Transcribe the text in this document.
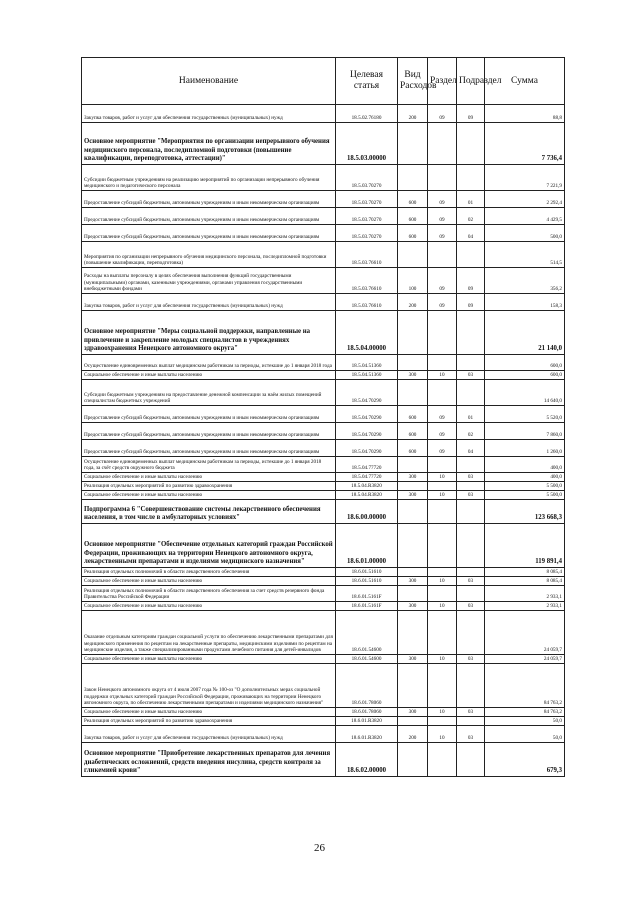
Наименование	Целевая статья	Вид Расходов	Раздел	Подраздел	Сумма
Закупка товаров, работ и услуг для обеспечения государственных (муниципальных) нужд	18.5.02.76180	200	09	09	88,8
Основное мероприятие "Мероприятия по организации непрерывного обучения медицинского персонала, последипломной подготовки (повышение квалификации, переподготовка, аттестации)"	18.5.03.00000				7 736,4
Субсидии бюджетным учреждениям на реализацию мероприятий по организации непрерывного обучения медицинского и педагогического персонала	18.5.03.70270				7 221,9
Предоставление субсидий бюджетным, автономным учреждениям и иным некоммерческим организациям	18.5.03.70270	600	09	01	2 292,4
Предоставление субсидий бюджетным, автономным учреждениям и иным некоммерческим организациям	18.5.03.70270	600	09	02	4 429,5
Предоставление субсидий бюджетным, автономным учреждениям и иным некоммерческим организациям	18.5.03.70270	600	09	04	500,0
Мероприятия по организации непрерывного обучения медицинского персонала, последипломной подготовки (повышение квалификации, переподготовка)	18.5.03.76610				514,5
Расходы на выплаты персоналу в целях обеспечения выполнения функций государственными (муниципальными) органами, казенными учреждениями, органами управления государственными внебюджетными фондами	18.5.03.76610	100	09	09	356,2
Закупка товаров, работ и услуг для обеспечения государственных (муниципальных) нужд	18.5.03.76610	200	09	09	158,3
Основное мероприятие "Меры социальной поддержки, направленные на привлечение и закрепление молодых специалистов в учреждениях здравоохранения Ненецкого автономного округа"	18.5.04.00000				21 140,0
Осуществление единовременных выплат медицинским работникам за периоды, истекшие до 1 января 2018 года	18.5.04.51360				600,0
Социальное обеспечение и иные выплаты населению	18.5.04.51360	300	10	03	600,0
Субсидии бюджетным учреждениям на предоставление денежной компенсации за наём жилых помещений специалистам бюджетных учреждений	18.5.04.70290				14 640,0
Предоставление субсидий бюджетным, автономным учреждениям и иным некоммерческим организациям	18.5.04.70290	600	09	01	5 520,0
Предоставление субсидий бюджетным, автономным учреждениям и иным некоммерческим организациям	18.5.04.70290	600	09	02	7 860,0
Предоставление субсидий бюджетным, автономным учреждениям и иным некоммерческим организациям	18.5.04.70290	600	09	04	1 260,0
Осуществление единовременных выплат медицинским работникам за периоды, истекшие до 1 января 2018 года, за счёт средств окружного бюджета	18.5.04.77720				400,0
Социальное обеспечение и иные выплаты населению	18.5.04.77720	300	10	03	400,0
Реализация отдельных мероприятий по развитию здравоохранения	18.5.04.R3820				5 500,0
Социальное обеспечение и иные выплаты населению	18.5.04.R3820	300	10	03	5 500,0
Подпрограмма 6 "Совершенствование системы лекарственного обеспечения населения, в том числе в амбулаторных условиях"	18.6.00.00000				123 668,3
Основное мероприятие "Обеспечение отдельных категорий граждан Российской Федерации, проживающих на территории Ненецкого автономного округа, лекарственными препаратами и изделиями медицинского назначения"	18.6.01.00000				119 891,4
Реализация отдельных полномочий в области лекарственного обеспечения	18.6.01.51610				8 085,4
Социальное обеспечение и иные выплаты населению	18.6.01.51610	300	10	03	8 085,4
Реализация отдельных полномочий в области лекарственного обеспечения за счет средств резервного фонда Правительства Российской Федерации	18.6.01.5161F				2 933,1
Социальное обеспечение и иные выплаты населению	18.6.01.5161F	300	10	03	2 933,1
Оказание отдельным категориям граждан социальной услуги по обеспечению лекарственными препаратами для медицинского применения по рецептам на лекарственные препараты, медицинскими изделиями по рецептам на медицинские изделия, а также специализированными продуктами лечебного питания для детей-инвалидов	18.6.01.54600				24 059,7
Социальное обеспечение и иные выплаты населению	18.6.01.54600	300	10	03	24 059,7
Закон Ненецкого автономного округа от 4 июля 2007 года № 100-оз "О дополнительных мерах социальной поддержки отдельных категорий граждан Российской Федерации, проживающих на территории Ненецкого автономного округа, по обеспечению лекарственными препаратами и изделиями медицинского назначения"	18.6.01.78060				84 763,2
Социальное обеспечение и иные выплаты населению	18.6.01.78060	300	10	03	84 763,2
Реализация отдельных мероприятий по развитию здравоохранения	18.6.01.R3820				50,0
Закупка товаров, работ и услуг для обеспечения государственных (муниципальных) нужд	18.6.01.R3820	200	10	03	50,0
Основное мероприятие "Приобретение лекарственных препаратов для лечения диабетических осложнений, средств введения инсулина, средств контроля за гликемией крови"	18.6.02.00000				679,3
26
